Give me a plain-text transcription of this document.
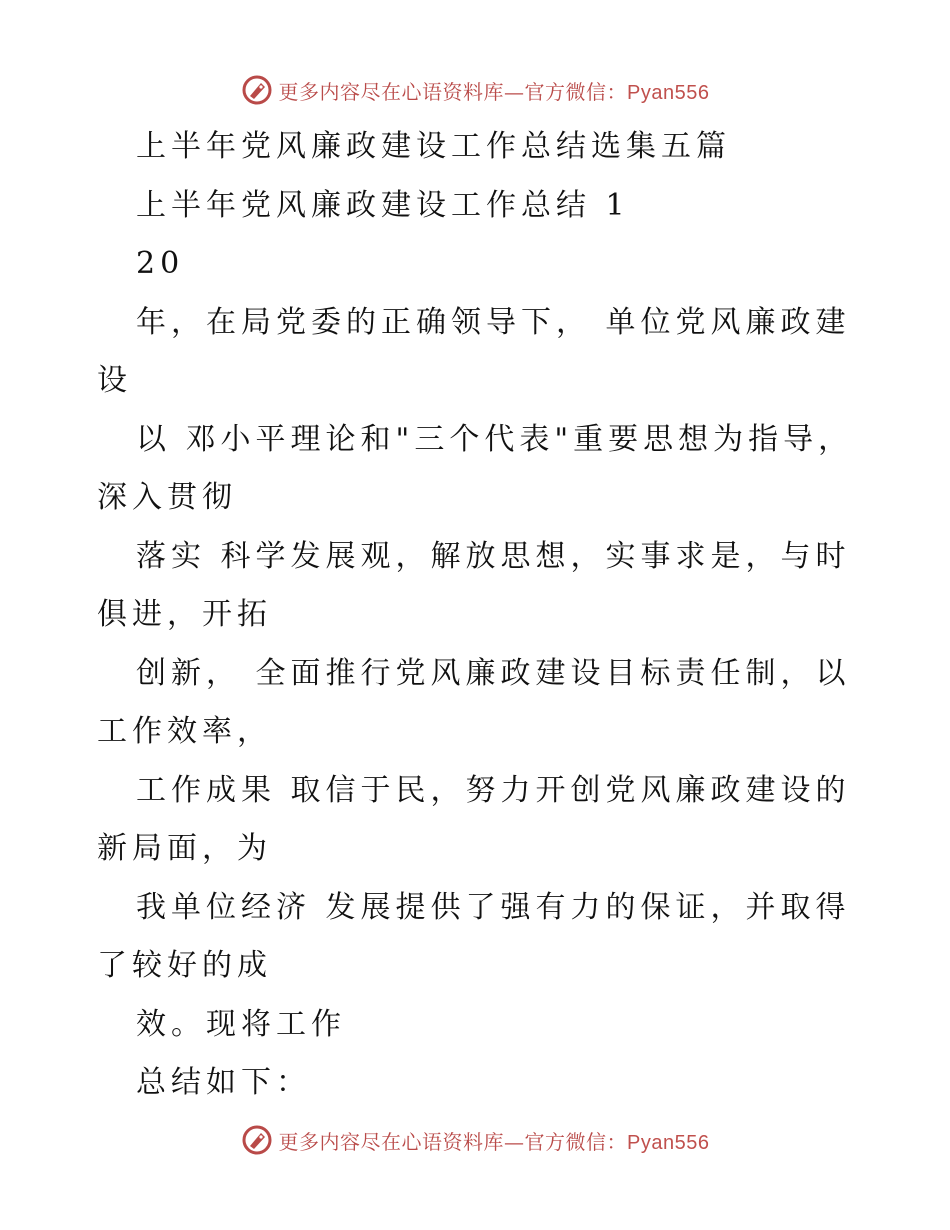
更多内容尽在心语资料库—官方微信：Pyan556
上半年党风廉政建设工作总结选集五篇
上半年党风廉政建设工作总结 1
20
年，在局党委的正确领导下， 单位党风廉政建
设
以 邓小平理论和"三个代表"重要思想为指导，
深入贯彻
落实 科学发展观，解放思想，实事求是，与时
俱进，开拓
创新， 全面推行党风廉政建设目标责任制，以
工作效率，
工作成果 取信于民，努力开创党风廉政建设的
新局面，为
我单位经济 发展提供了强有力的保证，并取得
了较好的成
效。现将工作
总结如下：
更多内容尽在心语资料库—官方微信：Pyan556
